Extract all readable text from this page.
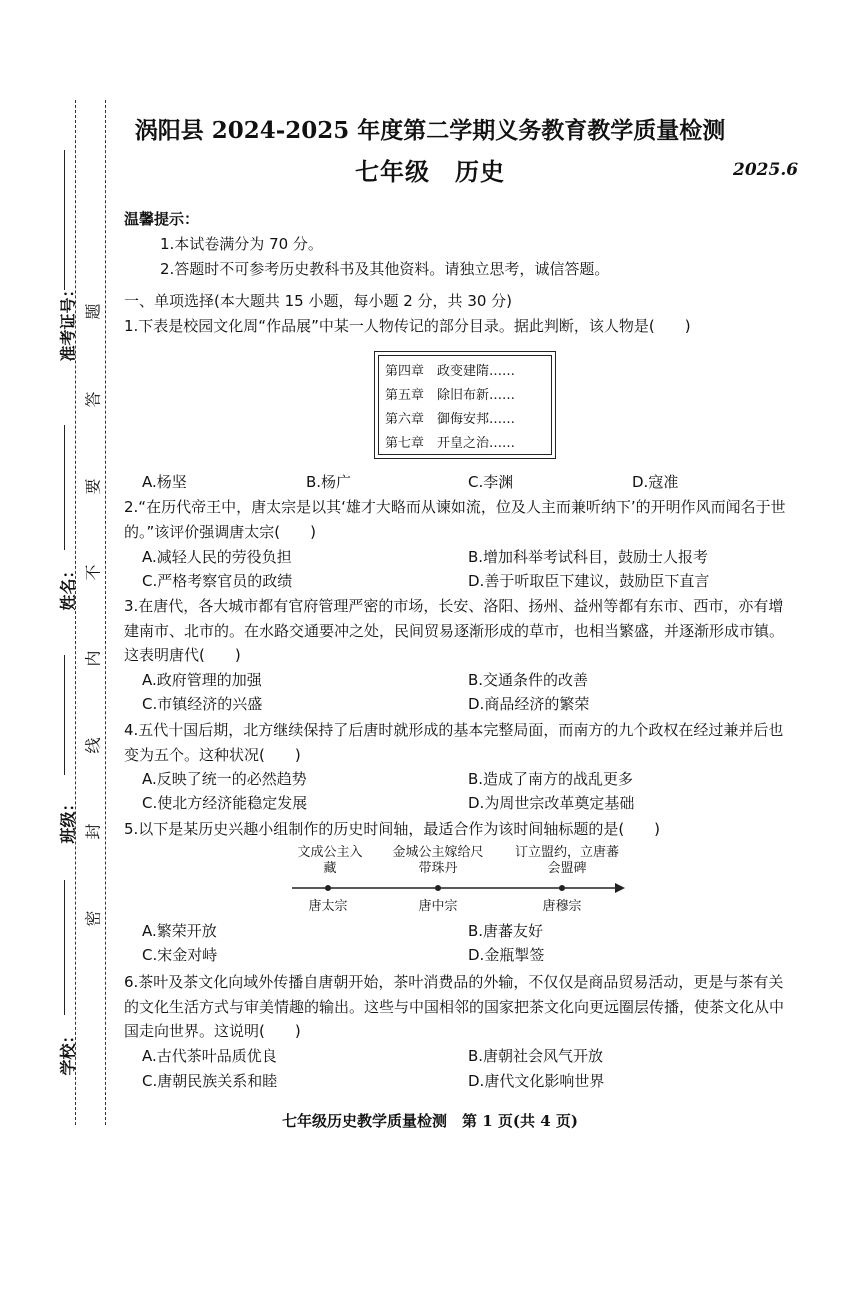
准考证号：
姓名：
班级：
学校：
题
答
要
不
内
线
封
密
涡阳县 2024-2025 年度第二学期义务教育教学质量检测
七年级　历史	2025.6
温馨提示：
1.本试卷满分为 70 分。
2.答题时不可参考历史教科书及其他资料。请独立思考，诚信答题。
一、单项选择(本大题共 15 小题，每小题 2 分，共 30 分)
1.下表是校园文化周“作品展”中某一人物传记的部分目录。据此判断，该人物是(　　)
第四章　政变建隋……
第五章　除旧布新……
第六章　御侮安邦……
第七章　开皇之治……
A.杨坚	B.杨广	C.李渊	D.寇准
2.“在历代帝王中，唐太宗是以其‘雄才大略而从谏如流，位及人主而兼听纳下’的开明作风而闻名于世的。”该评价强调唐太宗(　　)
A.减轻人民的劳役负担	B.增加科举考试科目，鼓励士人报考
C.严格考察官员的政绩	D.善于听取臣下建议，鼓励臣下直言
3.在唐代，各大城市都有官府管理严密的市场，长安、洛阳、扬州、益州等都有东市、西市，亦有增建南市、北市的。在水路交通要冲之处，民间贸易逐渐形成的草市，也相当繁盛，并逐渐形成市镇。这表明唐代(　　)
A.政府管理的加强	B.交通条件的改善
C.市镇经济的兴盛	D.商品经济的繁荣
4.五代十国后期，北方继续保持了后唐时就形成的基本完整局面，而南方的九个政权在经过兼并后也变为五个。这种状况(　　)
A.反映了统一的必然趋势	B.造成了南方的战乱更多
C.使北方经济能稳定发展	D.为周世宗改革奠定基础
5.以下是某历史兴趣小组制作的历史时间轴，最适合作为该时间轴标题的是(　　)
文成公主入藏
金城公主嫁给尺带珠丹
订立盟约，立唐蕃会盟碑
唐太宗	唐中宗	唐穆宗
A.繁荣开放	B.唐蕃友好
C.宋金对峙	D.金瓶掣签
6.茶叶及茶文化向域外传播自唐朝开始，茶叶消费品的外输，不仅仅是商品贸易活动，更是与茶有关的文化生活方式与审美情趣的输出。这些与中国相邻的国家把茶文化向更远圈层传播，使茶文化从中国走向世界。这说明(　　)
A.古代茶叶品质优良	B.唐朝社会风气开放
C.唐朝民族关系和睦	D.唐代文化影响世界
七年级历史教学质量检测　第 1 页(共 4 页)
